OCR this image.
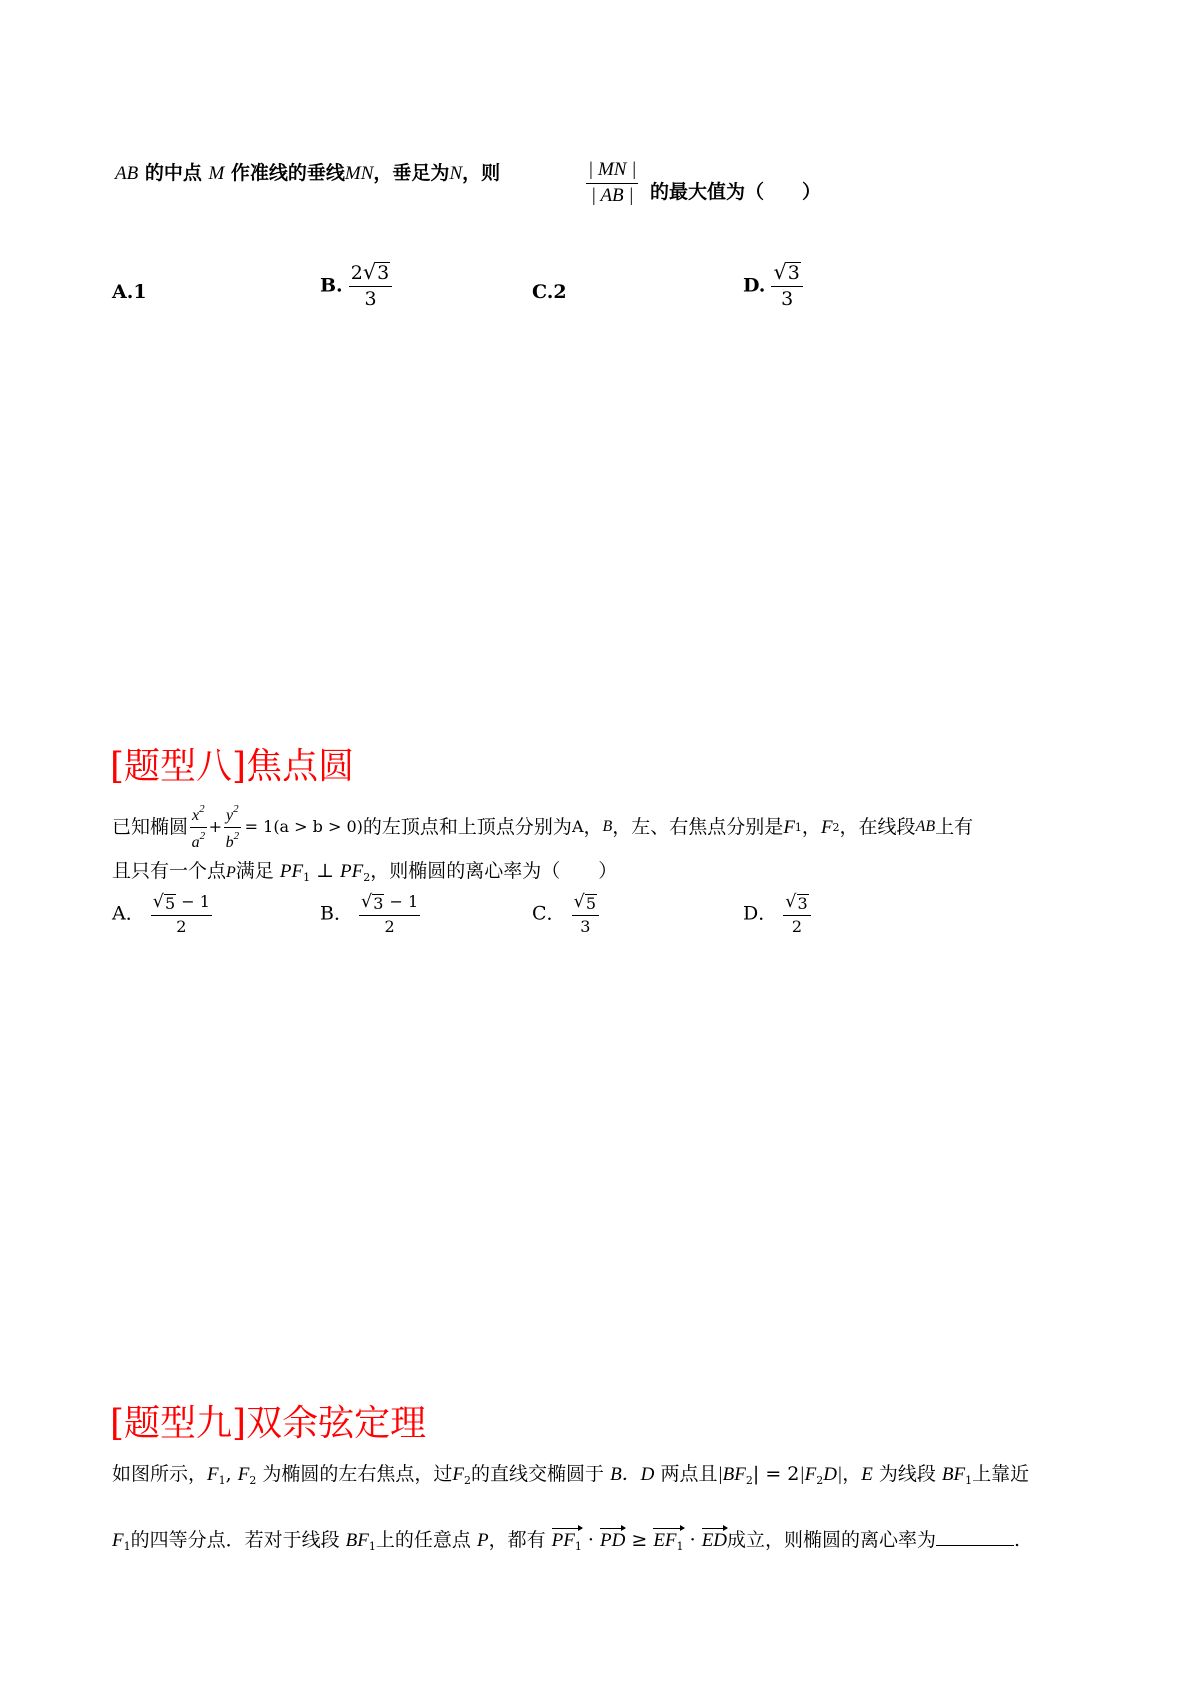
AB 的中点 M 作准线的垂线MN，垂足为N，则	$\frac{| MN |}{| AB |}$ 的最大值为（　　）
A.1	B. $\frac{2 √ 3}{3}$	C.2	D. $\frac{√ 3}{3}$
[题型八]焦点圆
已知椭圆 $\frac{x^2}{a^2} + \frac{y^2}{b^2} = 1(a > b > 0)$ 的左顶点和上顶点分别为 A ， B ，左、右焦点分别是 F 1 ， F 2 ，在线段 AB 上有
且只有一个点P满足 $PF_1$ ⊥ $PF_2$，则椭圆的离心率为（　　）
A． $\frac{√ 5 - 1}{2}$	B． $\frac{√ 3 - 1}{2}$	C． $\frac{√ 5}{3}$	D． $\frac{√ 3}{2}$
[题型九]双余弦定理
如图所示，$F_1$, $F_2$ 为椭圆的左右焦点，过$F_2$的直线交椭圆于 B．D 两点且$|BF_2| = 2|F_2D|$，E 为线段 $BF_1$上靠近
$F_1$的四等分点．若对于线段 $BF_1$上的任意点 P，都有 $PF_1$ · PD ≥ $EF_1$ · ED成立，则椭圆的离心率为	.
